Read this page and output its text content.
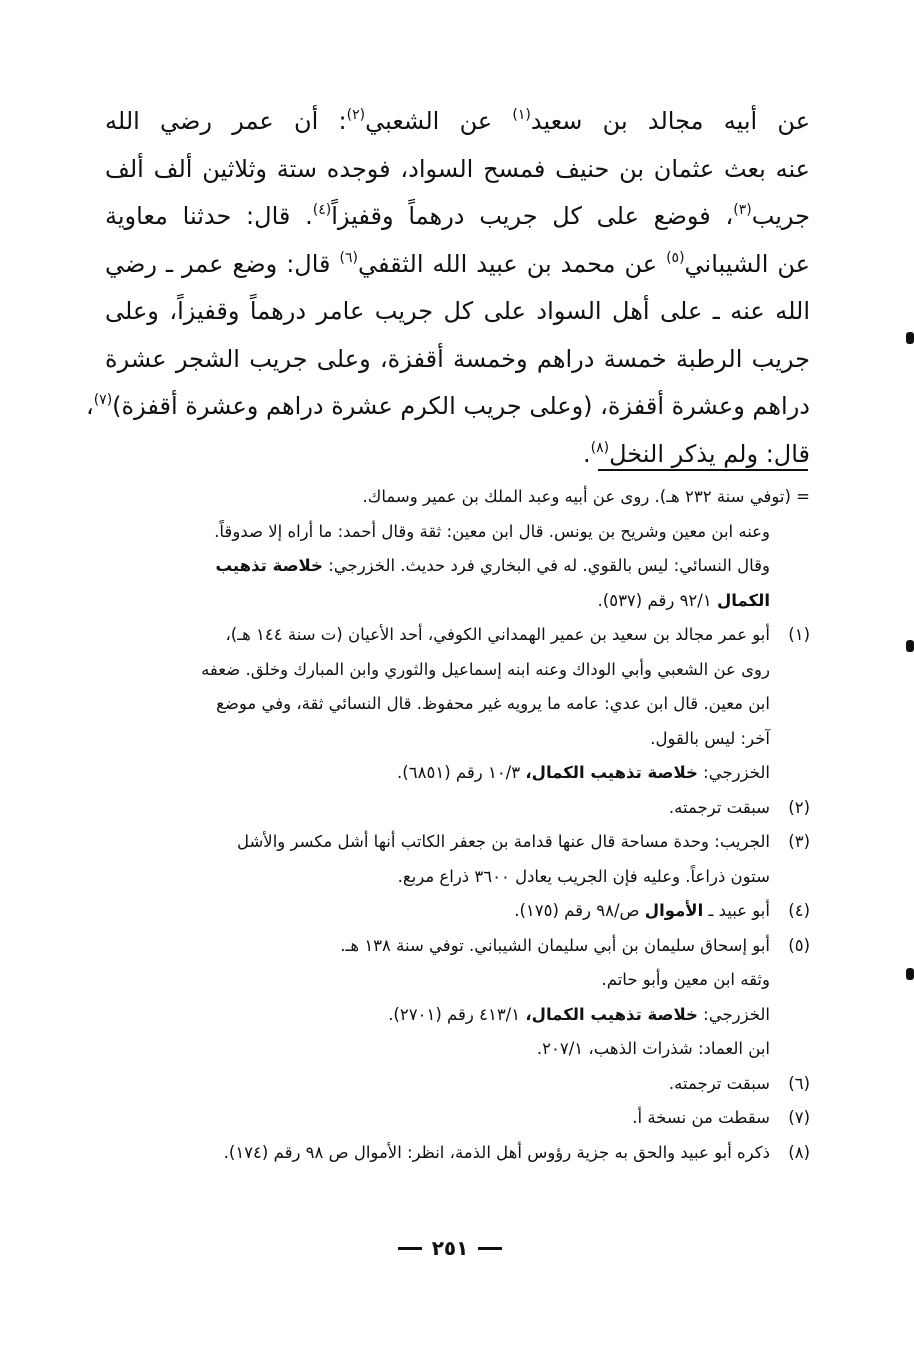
عن أبيه مجالد بن سعيد$^{(١)}$ عن الشعبي$^{(٢)}$: أن عمر رضي الله
عنه بعث عثمان بن حنيف فمسح السواد، فوجده ستة وثلاثين ألف ألف
جريب$^{(٣)}$، فوضع على كل جريب درهماً وقفيزاً$^{(٤)}$. قال: حدثنا معاوية
عن الشيباني$^{(٥)}$ عن محمد بن عبيد الله الثقفي$^{(٦)}$ قال: وضع عمر ـ رضي
الله عنه ـ على أهل السواد على كل جريب عامر درهماً وقفيزاً، وعلى
جريب الرطبة خمسة دراهم وخمسة أقفزة، وعلى جريب الشجر عشرة
دراهم وعشرة أقفزة، (وعلى جريب الكرم عشرة دراهم وعشرة أقفزة)$^{(٧)}$،
قال: ولم يذكر النخل$^{(٨)}$.
= (توفي سنة ٢٣٢ هـ). روى عن أبيه وعبد الملك بن عمير وسماك.
وعنه ابن معين وشريح بن يونس. قال ابن معين: ثقة وقال أحمد: ما أراه إلا صدوقاً.
وقال النسائي: ليس بالقوي. له في البخاري فرد حديث. الخزرجي: خلاصة تذهيب
الكمال ٩٢/١ رقم (٥٣٧).
(١)أبو عمر مجالد بن سعيد بن عمير الهمداني الكوفي، أحد الأعيان (ت سنة ١٤٤ هـ)،
روى عن الشعبي وأبي الوداك وعنه ابنه إسماعيل والثوري وابن المبارك وخلق. ضعفه
ابن معين. قال ابن عدي: عامه ما يرويه غير محفوظ. قال النسائي ثقة، وفي موضع
آخر: ليس بالقول.
الخزرجي: خلاصة تذهيب الكمال، ١٠/٣ رقم (٦٨٥١).
(٢)سبقت ترجمته.
(٣)الجريب: وحدة مساحة قال عنها قدامة بن جعفر الكاتب أنها أشل مكسر والأشل
ستون ذراعاً. وعليه فإن الجريب يعادل ٣٦٠٠ ذراع مربع.
(٤)أبو عبيد ـ الأموال ص/٩٨ رقم (١٧٥).
(٥)أبو إسحاق سليمان بن أبي سليمان الشيباني. توفي سنة ١٣٨ هـ.
وثقه ابن معين وأبو حاتم.
الخزرجي: خلاصة تذهيب الكمال، ٤١٣/١ رقم (٢٧٠١).
ابن العماد: شذرات الذهب، ٢٠٧/١.
(٦)سبقت ترجمته.
(٧)سقطت من نسخة أ.
(٨)ذكره أبو عبيد والحق به جزية رؤوس أهل الذمة، انظر: الأموال ص ٩٨ رقم (١٧٤).
٢٥١
